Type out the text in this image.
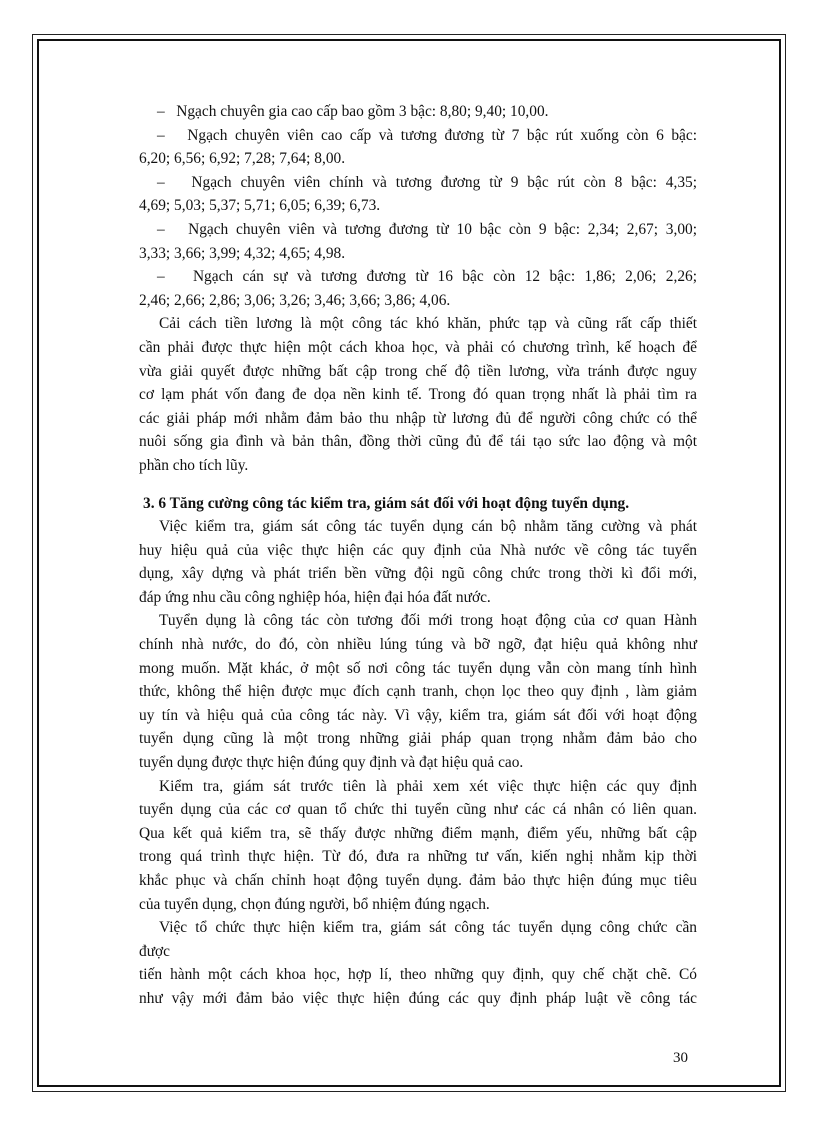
– Ngạch chuyên gia cao cấp bao gồm 3 bậc: 8,80; 9,40; 10,00.
– Ngạch chuyên viên cao cấp và tương đương từ 7 bậc rút xuống còn 6 bậc:
6,20; 6,56; 6,92; 7,28; 7,64; 8,00.
– Ngạch chuyên viên chính và tương đương từ 9 bậc rút còn 8 bậc: 4,35;
4,69; 5,03; 5,37; 5,71; 6,05; 6,39; 6,73.
– Ngạch chuyên viên và tương đương từ 10 bậc còn 9 bậc: 2,34; 2,67; 3,00;
3,33; 3,66; 3,99; 4,32; 4,65; 4,98.
– Ngạch cán sự và tương đương từ 16 bậc còn 12 bậc: 1,86; 2,06; 2,26;
2,46; 2,66; 2,86; 3,06; 3,26; 3,46; 3,66; 3,86; 4,06.
Cải cách tiền lương là một công tác khó khăn, phức tạp và cũng rất cấp thiết
cần phải được thực hiện một cách khoa học, và phải có chương trình, kế hoạch để
vừa giải quyết được những bất cập trong chế độ tiền lương, vừa tránh được nguy
cơ lạm phát vốn đang đe dọa nền kinh tế. Trong đó quan trọng nhất là phải tìm ra
các giải pháp mới nhằm đảm bảo thu nhập từ lương đủ để người công chức có thể
nuôi sống gia đình và bản thân, đồng thời cũng đủ để tái tạo sức lao động và một
phần cho tích lũy.
3. 6 Tăng cường công tác kiểm tra, giám sát đối với hoạt động tuyển dụng.
Việc kiểm tra, giám sát công tác tuyển dụng cán bộ nhằm tăng cường và phát
huy hiệu quả của việc thực hiện các quy định của Nhà nước về công tác tuyển
dụng, xây dựng và phát triển bền vững đội ngũ công chức trong thời kì đổi mới,
đáp ứng nhu cầu công nghiệp hóa, hiện đại hóa đất nước.
Tuyển dụng là công tác còn tương đối mới trong hoạt động của cơ quan Hành
chính nhà nước, do đó, còn nhiều lúng túng và bỡ ngỡ, đạt hiệu quả không như
mong muốn. Mặt khác, ở một số nơi công tác tuyển dụng vẫn còn mang tính hình
thức, không thể hiện được mục đích cạnh tranh, chọn lọc theo quy định , làm giảm
uy tín và hiệu quả của công tác này. Vì vậy, kiểm tra, giám sát đối với hoạt động
tuyển dụng cũng là một trong những giải pháp quan trọng nhằm đảm bảo cho
tuyển dụng được thực hiện đúng quy định và đạt hiệu quả cao.
Kiểm tra, giám sát trước tiên là phải xem xét việc thực hiện các quy định
tuyển dụng của các cơ quan tổ chức thi tuyển cũng như các cá nhân có liên quan.
Qua kết quả kiểm tra, sẽ thấy được những điểm mạnh, điểm yếu, những bất cập
trong quá trình thực hiện. Từ đó, đưa ra những tư vấn, kiến nghị nhằm kịp thời
khắc phục và chấn chỉnh hoạt động tuyển dụng. đảm bảo thực hiện đúng mục tiêu
của tuyển dụng, chọn đúng người, bổ nhiệm đúng ngạch.
Việc tổ chức thực hiện kiểm tra, giám sát công tác tuyển dụng công chức cần
được
tiến hành một cách khoa học, hợp lí, theo những quy định, quy chế chặt chẽ. Có
như vậy mới đảm bảo việc thực hiện đúng các quy định pháp luật về công tác
30
